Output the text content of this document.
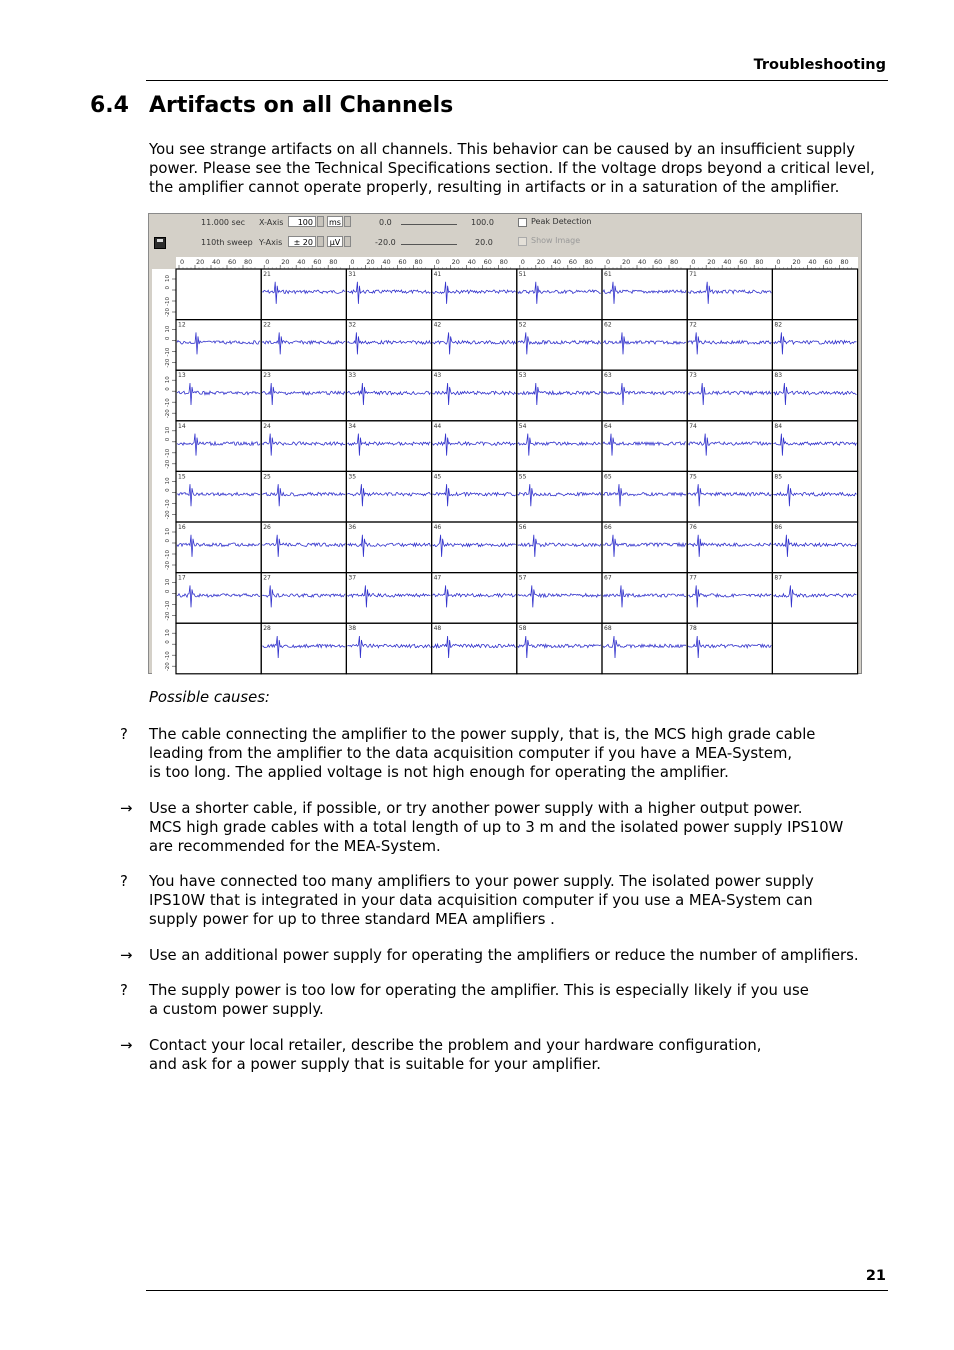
Troubleshooting
6.4 Artifacts on all Channels
You see strange artifacts on all channels. This behavior can be caused by an insufficient supply power. Please see the Technical Specifications section. If the voltage drops beyond a critical level, the amplifier cannot operate properly, resulting in artifacts or in a saturation of the amplifier.
0 20 40 60 80 0 20 40 60 80 0 20 40 60 80 0 20 40 60 80 0 20 40 60 80 0 20 40 60 80 0 20 40 60 80 0 20 40 60 80
10
0
-10
-20
10
0
-10
-20
10
0
-10
-20
10
0
-10
-20
10
0
-10
-20
10
0
-10
-20
10
0
-10
-20
10
0
-10
-20
21	31	41	51	61	71
12	22	32	42	52	62	72	82
13	23	33	43	53	63	73	83
14	24	34	44	54	64	74	84
15	25	35	45	55	65	75	85
16	26	36	46	56	66	76	86
17	27	37	47	57	67	77	87
28	38	48	58	68	78
11.000 sec
110th sweep
X-Axis	100	ms
Y-Axis	± 20	µV
0.0	100.0
-20.0	20.0
Peak Detection
Show Image
Possible causes:
? The cable connecting the amplifier to the power supply, that is, the MCS high grade cable
leading from the amplifier to the data acquisition computer if you have a MEA-System,
is too long. The applied voltage is not high enough for operating the amplifier.
→ Use a shorter cable, if possible, or try another power supply with a higher output power.
MCS high grade cables with a total length of up to 3 m and the isolated power supply IPS10W
are recommended for the MEA-System.
? You have connected too many amplifiers to your power supply. The isolated power supply
IPS10W that is integrated in your data acquisition computer if you use a MEA-System can
supply power for up to three standard MEA amplifiers .
→ Use an additional power supply for operating the amplifiers or reduce the number of amplifiers.
? The supply power is too low for operating the amplifier. This is especially likely if you use
a custom power supply.
→ Contact your local retailer, describe the problem and your hardware configuration,
and ask for a power supply that is suitable for your amplifier.
21
